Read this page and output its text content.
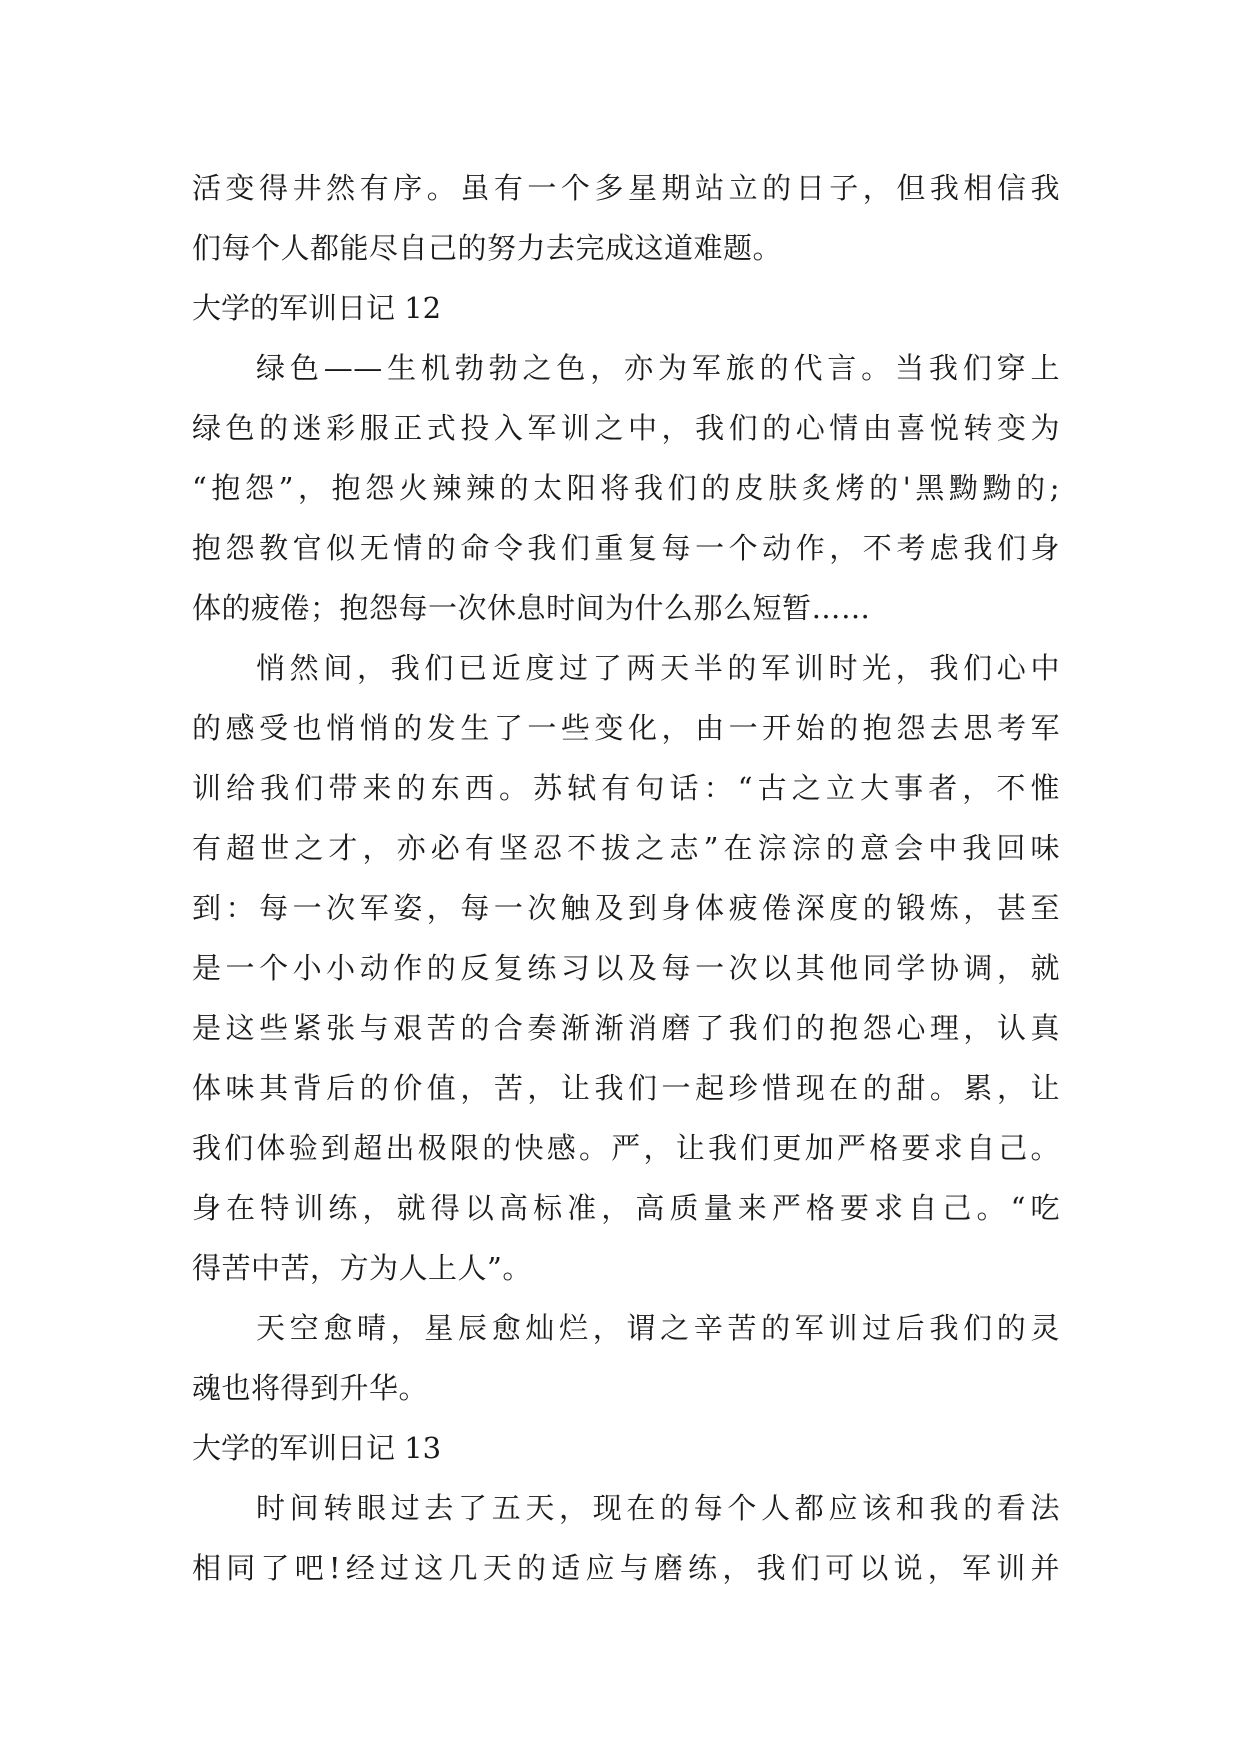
活变得井然有序。虽有一个多星期站立的日子，但我相信我
们每个人都能尽自己的努力去完成这道难题。
大学的军训日记 12
绿色——生机勃勃之色，亦为军旅的代言。当我们穿上
绿色的迷彩服正式投入军训之中，我们的心情由喜悦转变为
“抱怨”，抱怨火辣辣的太阳将我们的皮肤炙烤的'黑黝黝的;
抱怨教官似无情的命令我们重复每一个动作，不考虑我们身
体的疲倦；抱怨每一次休息时间为什么那么短暂……
悄然间，我们已近度过了两天半的军训时光，我们心中
的感受也悄悄的发生了一些变化，由一开始的抱怨去思考军
训给我们带来的东西。苏轼有句话：“古之立大事者，不惟
有超世之才，亦必有坚忍不拔之志”在淙淙的意会中我回味
到：每一次军姿，每一次触及到身体疲倦深度的锻炼，甚至
是一个小小动作的反复练习以及每一次以其他同学协调，就
是这些紧张与艰苦的合奏渐渐消磨了我们的抱怨心理，认真
体味其背后的价值，苦，让我们一起珍惜现在的甜。累，让
我们体验到超出极限的快感。严，让我们更加严格要求自己。
身在特训练，就得以高标准，高质量来严格要求自己。“吃
得苦中苦，方为人上人”。
天空愈晴，星辰愈灿烂，谓之辛苦的军训过后我们的灵
魂也将得到升华。
大学的军训日记 13
时间转眼过去了五天，现在的每个人都应该和我的看法
相同了吧!经过这几天的适应与磨练，我们可以说，军训并
